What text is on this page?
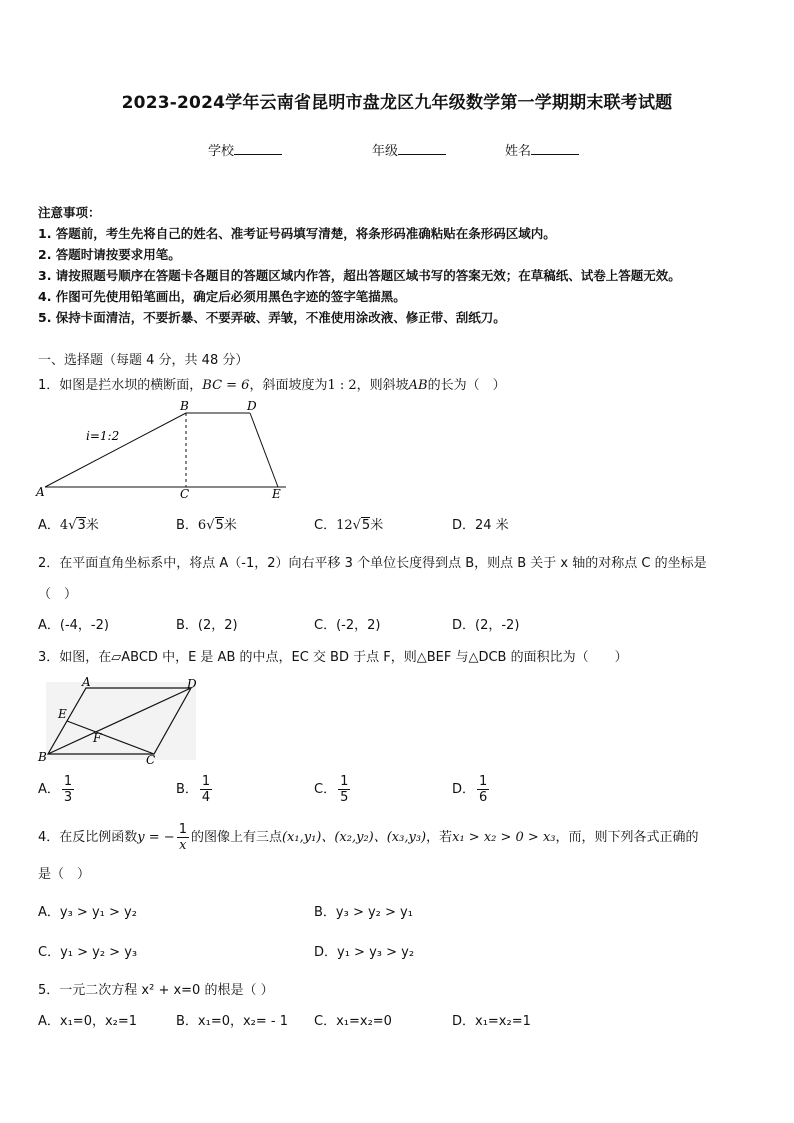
2023-2024学年云南省昆明市盘龙区九年级数学第一学期期末联考试题
学校	年级	姓名
注意事项：
1. 答题前，考生先将自己的姓名、准考证号码填写清楚，将条形码准确粘贴在条形码区域内。
2. 答题时请按要求用笔。
3. 请按照题号顺序在答题卡各题目的答题区域内作答，超出答题区域书写的答案无效；在草稿纸、试卷上答题无效。
4. 作图可先使用铅笔画出，确定后必须用黑色字迹的签字笔描黑。
5. 保持卡面清洁，不要折暴、不要弄破、弄皱，不准使用涂改液、修正带、刮纸刀。
一、选择题（每题 4 分，共 48 分）
1．如图是拦水坝的横断面，BC = 6，斜面坡度为1 : 2，则斜坡AB的长为（　）
i=1:2
A
B
C
D
E
A．4√3米	B．6√5米	C．12√5米	D．24 米
2．在平面直角坐标系中，将点 A（-1，2）向右平移 3 个单位长度得到点 B，则点 B 关于 x 轴的对称点 C 的坐标是
（　）
A．(-4，-2)	B．(2，2)	C．(-2，2)	D．(2，-2)
3．如图，在▱ABCD 中，E 是 AB 的中点，EC 交 BD 于点 F，则△BEF 与△DCB 的面积比为（　　）
A	D
E
F
B	C
A． $\frac{1}{3}$	B． $\frac{1}{4}$	C． $\frac{1}{5}$	D． $\frac{1}{6}$
4．在反比例函数y = − $\frac{1}{x}$ 的图像上有三点(x₁,y₁)、(x₂,y₂)、(x₃,y₃)，若x₁ > x₂ > 0 > x₃，而，则下列各式正确的
是（　）
A．y₃ > y₁ > y₂	B．y₃ > y₂ > y₁
C．y₁ > y₂ > y₃	D．y₁ > y₃ > y₂
5．一元二次方程 x² + x=0 的根是（ ）
A．x₁=0，x₂=1	B．x₁=0，x₂= - 1 C．x₁=x₂=0	D．x₁=x₂=1
